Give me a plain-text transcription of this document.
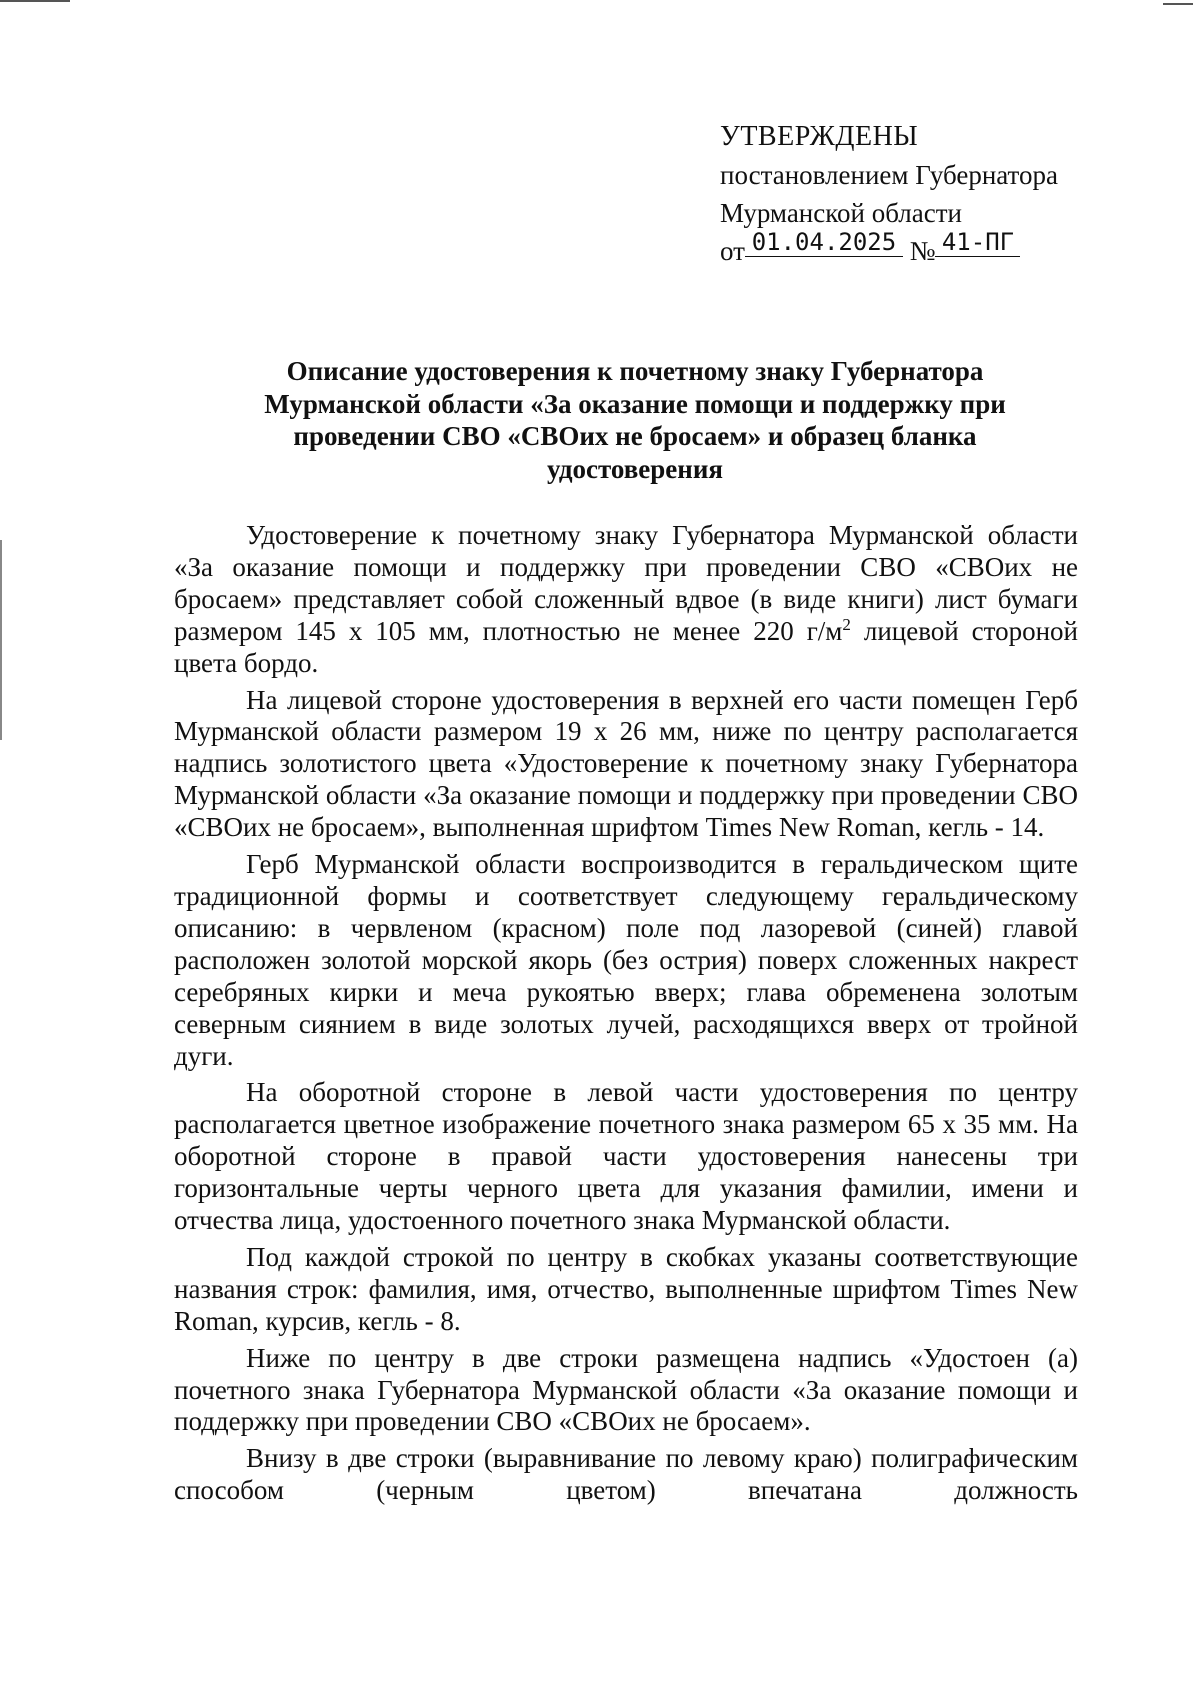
УТВЕРЖДЕНЫ
постановлением Губернатора
Мурманской области
от 01.04.2025 № 41-ПГ
Описание удостоверения к почетному знаку Губернатора
Мурманской области «За оказание помощи и поддержку при
проведении СВО «СВОих не бросаем» и образец бланка
удостоверения

Удостоверение к почетному знаку Губернатора Мурманской области «За оказание помощи и поддержку при проведении СВО «СВОих не бросаем» представляет собой сложенный вдвое (в виде книги) лист бумаги размером 145 х 105 мм, плотностью не менее 220 $г/м^2$ лицевой стороной цвета бордо.

На лицевой стороне удостоверения в верхней его части помещен Герб Мурманской области размером 19 х 26 мм, ниже по центру располагается надпись золотистого цвета «Удостоверение к почетному знаку Губернатора Мурманской области «За оказание помощи и поддержку при проведении СВО «СВОих не бросаем», выполненная шрифтом Times New Roman, кегль - 14.

Герб Мурманской области воспроизводится в геральдическом щите традиционной формы и соответствует следующему геральдическому описанию: в червленом (красном) поле под лазоревой (синей) главой расположен золотой морской якорь (без острия) поверх сложенных накрест серебряных кирки и меча рукоятью вверх; глава обременена золотым северным сиянием в виде золотых лучей, расходящихся вверх от тройной дуги.

На оборотной стороне в левой части удостоверения по центру располагается цветное изображение почетного знака размером 65 х 35 мм. На оборотной стороне в правой части удостоверения нанесены три горизонтальные черты черного цвета для указания фамилии, имени и отчества лица, удостоенного почетного знака Мурманской области.

Под каждой строкой по центру в скобках указаны соответствующие названия строк: фамилия, имя, отчество, выполненные шрифтом Times New Roman, курсив, кегль - 8.

Ниже по центру в две строки размещена надпись «Удостоен (а) почетного знака Губернатора Мурманской области «За оказание помощи и поддержку при проведении СВО «СВОих не бросаем».

Внизу в две строки (выравнивание по левому краю) полиграфическим способом (черным цветом) впечатана должность
